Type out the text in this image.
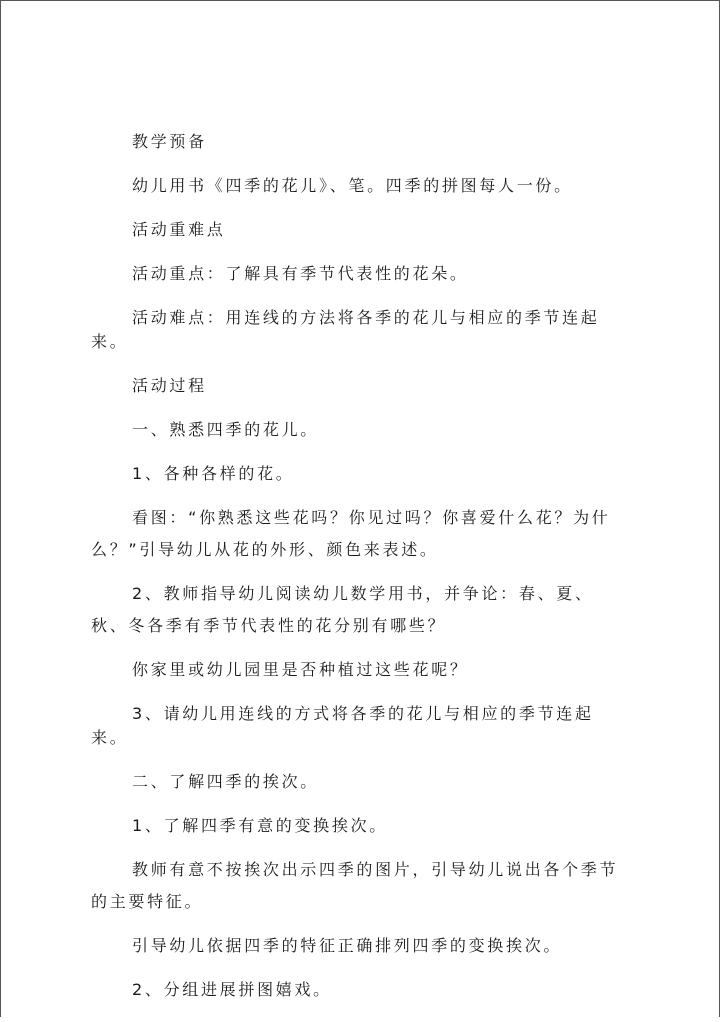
教学预备

幼儿用书《四季的花儿》、笔。四季的拼图每人一份。

活动重难点

活动重点：了解具有季节代表性的花朵。

活动难点：用连线的方法将各季的花儿与相应的季节连起来。

活动过程

一、熟悉四季的花儿。

1、各种各样的花。

看图：“你熟悉这些花吗？你见过吗？你喜爱什么花？为什么？”引导幼儿从花的外形、颜色来表述。

2、教师指导幼儿阅读幼儿数学用书，并争论：春、夏、秋、冬各季有季节代表性的花分别有哪些？

你家里或幼儿园里是否种植过这些花呢？

3、请幼儿用连线的方式将各季的花儿与相应的季节连起来。

二、了解四季的挨次。

1、了解四季有意的变换挨次。

教师有意不按挨次出示四季的图片，引导幼儿说出各个季节的主要特征。

引导幼儿依据四季的特征正确排列四季的变换挨次。

2、分组进展拼图嬉戏。
